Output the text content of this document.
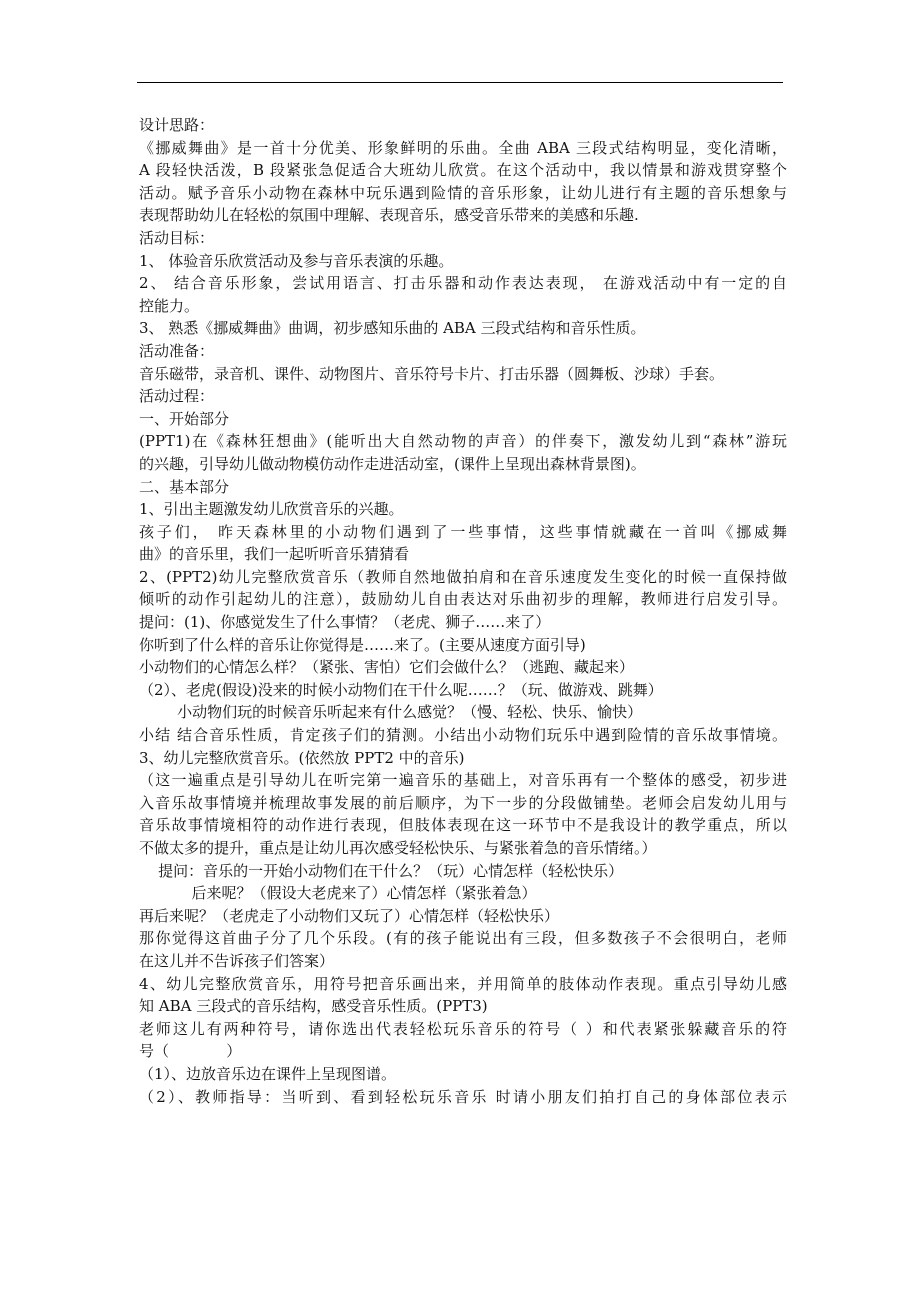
设计思路：
《挪威舞曲》是一首十分优美、形象鲜明的乐曲。全曲 ABA 三段式结构明显，变化清晰，
A 段轻快活泼，B 段紧张急促适合大班幼儿欣赏。在这个活动中，我以情景和游戏贯穿整个
活动。赋予音乐小动物在森林中玩乐遇到险情的音乐形象，让幼儿进行有主题的音乐想象与
表现帮助幼儿在轻松的氛围中理解、表现音乐，感受音乐带来的美感和乐趣.
活动目标：
1、 体验音乐欣赏活动及参与音乐表演的乐趣。
2、 结合音乐形象，尝试用语言、打击乐器和动作表达表现， 在游戏活动中有一定的自
控能力。
3、 熟悉《挪威舞曲》曲调，初步感知乐曲的 ABA 三段式结构和音乐性质。
活动准备：
音乐磁带，录音机、课件、动物图片、音乐符号卡片、打击乐器（圆舞板、沙球）手套。
活动过程：
一、开始部分
(PPT1)在《森林狂想曲》(能听出大自然动物的声音）的伴奏下，激发幼儿到“森林”游玩
的兴趣，引导幼儿做动物模仿动作走进活动室，(课件上呈现出森林背景图)。
二、基本部分
1、引出主题激发幼儿欣赏音乐的兴趣。
孩子们， 昨天森林里的小动物们遇到了一些事情，这些事情就藏在一首叫《挪威舞
曲》的音乐里，我们一起听听音乐猜猜看
2、(PPT2)幼儿完整欣赏音乐（教师自然地做拍肩和在音乐速度发生变化的时候一直保持做
倾听的动作引起幼儿的注意），鼓励幼儿自由表达对乐曲初步的理解，教师进行启发引导。
提问：(1)、你感觉发生了什么事情？（老虎、狮子……来了）
你听到了什么样的音乐让你觉得是……来了。(主要从速度方面引导)
小动物们的心情怎么样？（紧张、害怕）它们会做什么？（逃跑、藏起来）
（2）、老虎(假设)没来的时候小动物们在干什么呢……？（玩、做游戏、跳舞）
小动物们玩的时候音乐听起来有什么感觉？（慢、轻松、快乐、愉快）
小结 结合音乐性质，肯定孩子们的猜测。小结出小动物们玩乐中遇到险情的音乐故事情境。
3、幼儿完整欣赏音乐。(依然放 PPT2 中的音乐)
（这一遍重点是引导幼儿在听完第一遍音乐的基础上，对音乐再有一个整体的感受，初步进
入音乐故事情境并梳理故事发展的前后顺序，为下一步的分段做铺垫。老师会启发幼儿用与
音乐故事情境相符的动作进行表现，但肢体表现在这一环节中不是我设计的教学重点，所以
不做太多的提升，重点是让幼儿再次感受轻松快乐、与紧张着急的音乐情绪。）
提问：音乐的一开始小动物们在干什么？（玩）心情怎样（轻松快乐）
后来呢？（假设大老虎来了）心情怎样（紧张着急）
再后来呢？（老虎走了小动物们又玩了）心情怎样（轻松快乐）
那你觉得这首曲子分了几个乐段。(有的孩子能说出有三段，但多数孩子不会很明白，老师
在这儿并不告诉孩子们答案）
4、幼儿完整欣赏音乐，用符号把音乐画出来，并用简单的肢体动作表现。重点引导幼儿感
知 ABA 三段式的音乐结构，感受音乐性质。(PPT3)
老师这儿有两种符号，请你选出代表轻松玩乐音乐的符号（ ）和代表紧张躲藏音乐的符
号（            ）
（1）、边放音乐边在课件上呈现图谱。
（2）、教师指导：当听到、看到轻松玩乐音乐 时请小朋友们拍打自己的身体部位表示
